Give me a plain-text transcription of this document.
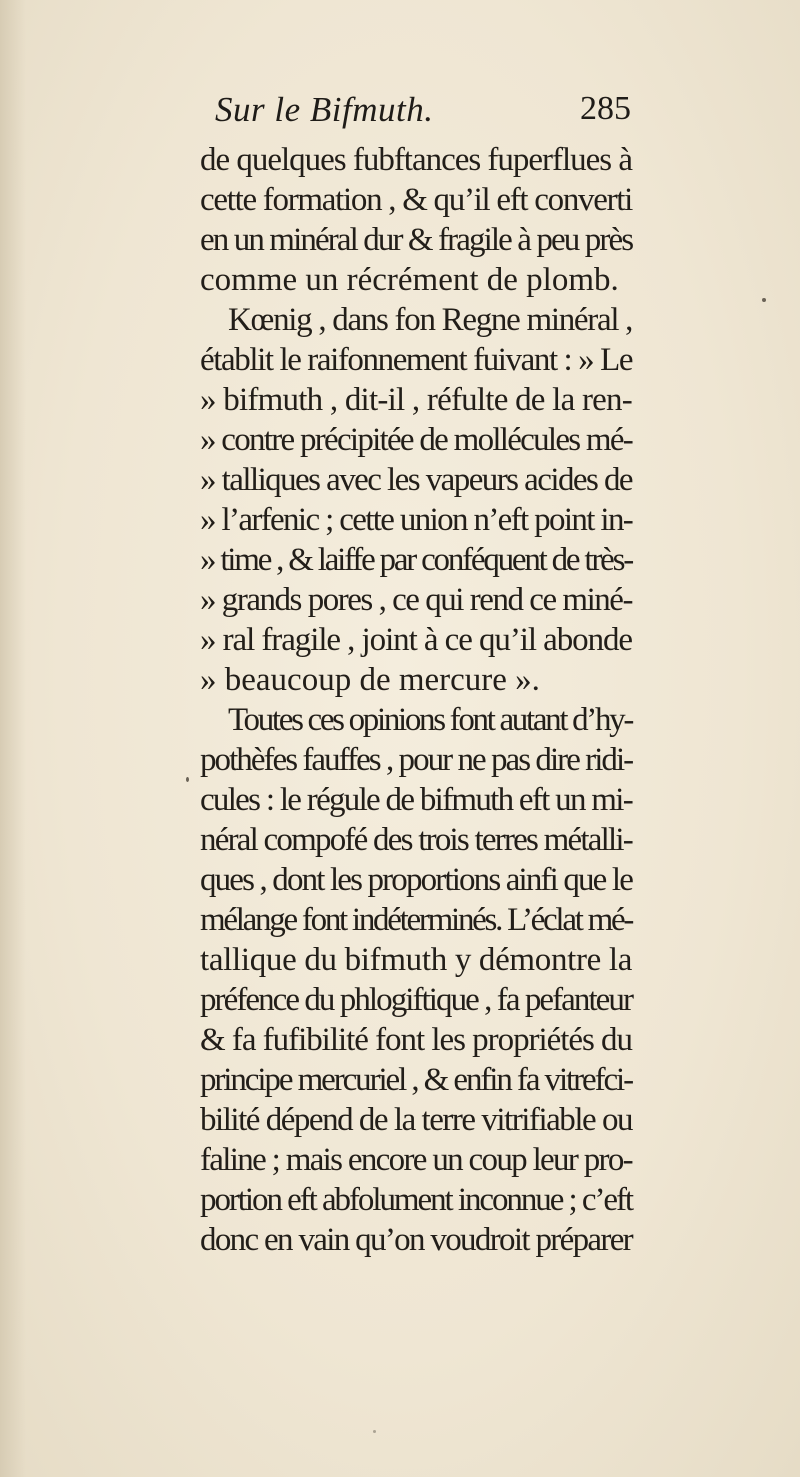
Sur le Bifmuth.	285
de quelques fubftances fuperflues à
cette formation , & qu’il eft converti
en un minéral dur & fragile à peu près
comme un récrément de plomb.
Kœnig , dans fon Regne minéral ,
établit le raifonnement fuivant : » Le
» bifmuth , dit-il , réfulte de la ren-
» contre précipitée de mollécules mé-
» talliques avec les vapeurs acides de
» l’arfenic ; cette union n’eft point in-
» time , & laiffe par conféquent de très-
» grands pores , ce qui rend ce miné-
» ral fragile , joint à ce qu’il abonde
» beaucoup de mercure ».
Toutes ces opinions font autant d’hy-
pothèfes fauffes , pour ne pas dire ridi-
cules : le régule de bifmuth eft un mi-
néral compofé des trois terres métalli-
ques , dont les proportions ainfi que le
mélange font indéterminés. L’éclat mé-
tallique du bifmuth y démontre la
préfence du phlogiftique , fa pefanteur
& fa fufibilité font les propriétés du
principe mercuriel , & enfin fa vitrefci-
bilité dépend de la terre vitrifiable ou
faline ; mais encore un coup leur pro-
portion eft abfolument inconnue ; c’eft
donc en vain qu’on voudroit préparer
